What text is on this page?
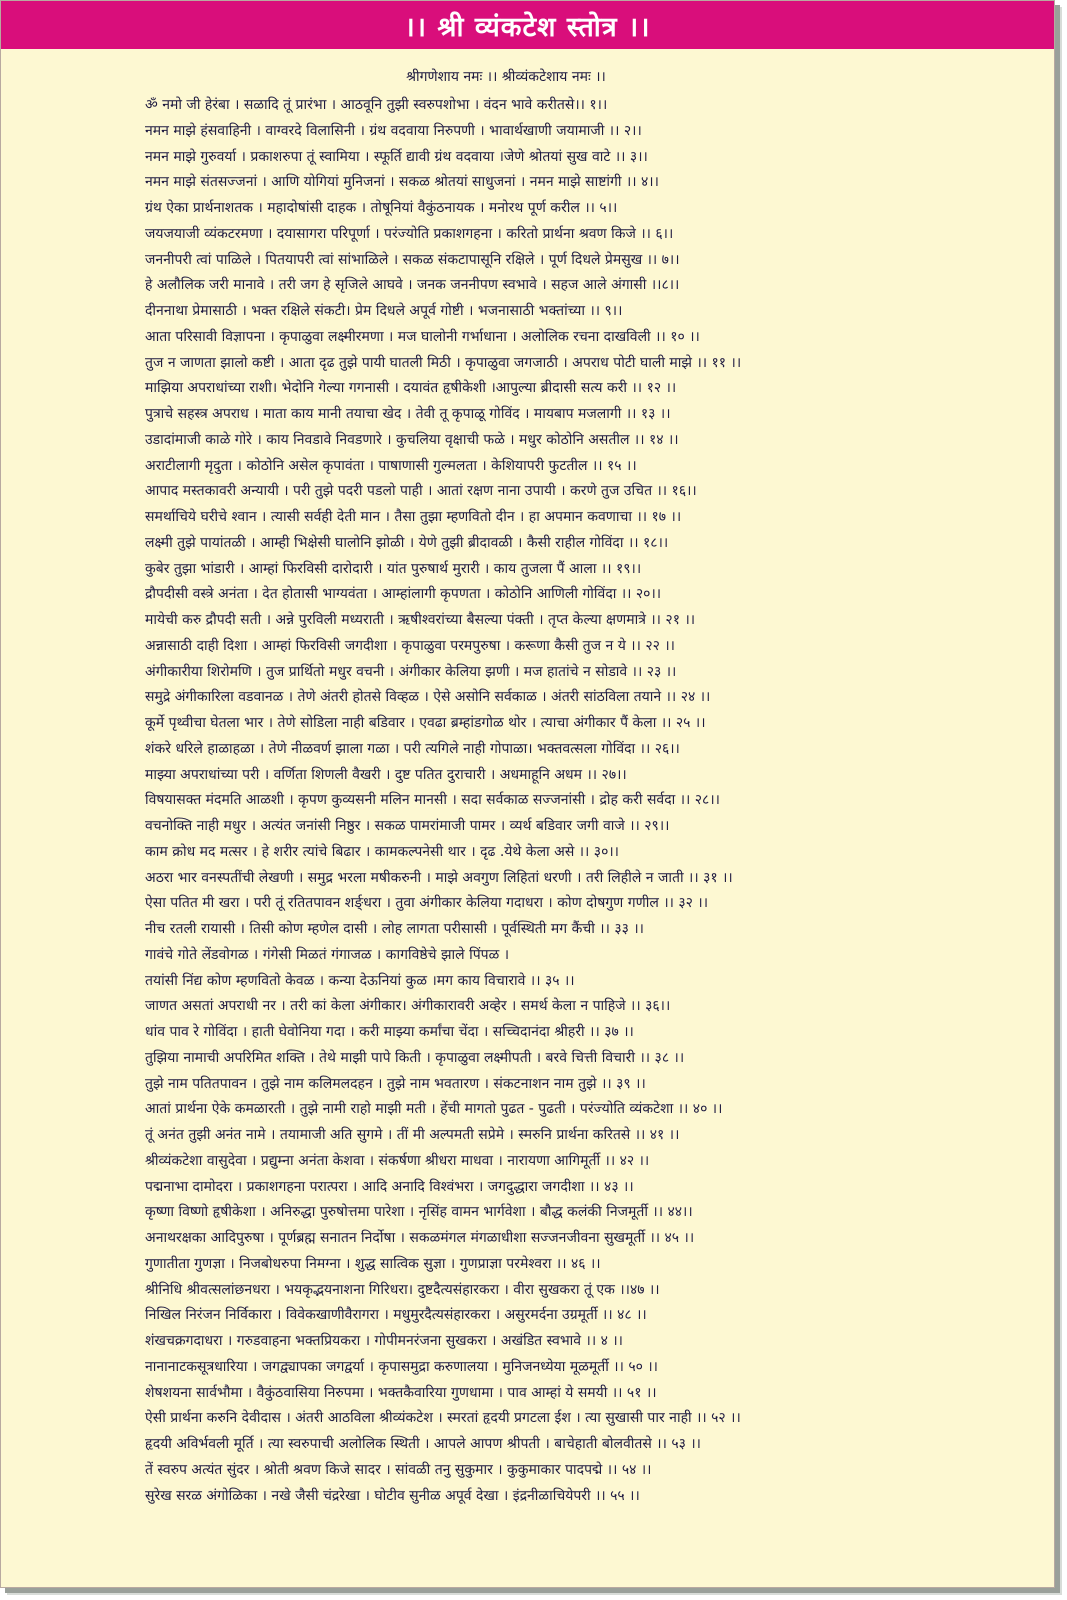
।। श्री व्यंकटेश स्तोत्र ।।
श्रीगणेशाय नमः ।। श्रीव्यंकटेशाय नमः ।।
ॐ नमो जी हेरंबा । सळादि तूं प्रारंभा । आठवूनि तुझी स्वरुपशोभा । वंदन भावे करीतसे।। १।।
नमन माझे हंसवाहिनी । वाग्वरदे विलासिनी । ग्रंथ वदवाया निरुपणी । भावार्थखाणी जयामाजी ।। २।।
नमन माझे गुरुवर्या । प्रकाशरुपा तूं स्वामिया । स्फूर्ति द्यावी ग्रंथ वदवाया ।जेणे श्रोतयां सुख वाटे ।। ३।।
नमन माझे संतसज्जनां । आणि योगियां मुनिजनां । सकळ श्रोतयां साधुजनां । नमन माझे साष्टांगी ।। ४।।
ग्रंथ ऐका प्रार्थनाशतक । महादोषांसी दाहक । तोषूनियां वैकुंठनायक । मनोरथ पूर्ण करील ।। ५।।
जयजयाजी व्यंकटरमणा । दयासागरा परिपूर्णा । परंज्योति प्रकाशगहना । करितो प्रार्थना श्रवण किजे ।। ६।।
जननीपरी त्वां पाळिले । पितयापरी त्वां सांभाळिले । सकळ संकटापासूनि रक्षिले । पूर्ण दिधले प्रेमसुख ।। ७।।
हे अलौलिक जरी मानावे । तरी जग हे सृजिले आघवे । जनक जननीपण स्वभावे । सहज आले अंगासी ।।८।।
दीननाथा प्रेमासाठी । भक्त रक्षिले संकटी। प्रेम दिधले अपूर्व गोष्टी । भजनासाठी भक्तांच्या ।। ९।।
आता परिसावी विज्ञापना । कृपाळुवा लक्ष्मीरमणा । मज घालोनी गर्भाधाना । अलोलिक रचना दाखविली ।। १० ।।
तुज न जाणता झालो कष्टी । आता दृढ तुझे पायी घातली मिठी । कृपाळुवा जगजाठी । अपराध पोटी घाली माझे ।। ११ ।।
माझिया अपराधांच्या राशी। भेदोनि गेल्या गगनासी । दयावंत हृषीकेशी ।आपुल्या ब्रीदासी सत्य करी ।। १२ ।।
पुत्राचे सहस्त्र अपराध । माता काय मानी तयाचा खेद । तेवी तू कृपाळू गोविंद । मायबाप मजलागी ।। १३ ।।
उडादांमाजी काळे गोरे । काय निवडावे निवडणारे । कुचलिया वृक्षाची फळे । मधुर कोठोनि असतील ।। १४ ।।
अराटीलागी मृदुता । कोठोनि असेल कृपावंता । पाषाणासी गुल्मलता । केशियापरी फुटतील ।। १५ ।।
आपाद मस्तकावरी अन्यायी । परी तुझे पदरी पडलो पाही । आतां रक्षण नाना उपायी । करणे तुज उचित ।। १६।।
समर्थाचिये घरीचे श्वान । त्यासी सर्वही देती मान । तैसा तुझा म्हणवितो दीन । हा अपमान कवणाचा ।। १७ ।।
लक्ष्मी तुझे पायांतळी । आम्ही भिक्षेसी घालोनि झोळी । येणे तुझी ब्रीदावळी । कैसी राहील गोविंदा ।। १८।।
कुबेर तुझा भांडारी । आम्हां फिरविसी दारोदारी । यांत पुरुषार्थ मुरारी । काय तुजला पैं आला ।। १९।।
द्रौपदीसी वस्त्रे अनंता । देत होतासी भाग्यवंता । आम्हांलागी कृपणता । कोठोनि आणिली गोविंदा ।। २०।।
मायेची करु द्रौपदी सती । अन्ने पुरविली मध्यराती । ऋषीश्वरांच्या बैसल्या पंक्ती । तृप्त केल्या क्षणमात्रे ।। २१ ।।
अन्नासाठी दाही दिशा । आम्हां फिरविसी जगदीशा । कृपाळुवा परमपुरुषा । करूणा कैसी तुज न ये ।। २२ ।।
अंगीकारीया शिरोमणि । तुज प्रार्थितो मधुर वचनी । अंगीकार केलिया झणी । मज हातांचे न सोडावे ।। २३ ।।
समुद्रे अंगीकारिला वडवानळ । तेणे अंतरी होतसे विव्हळ । ऐसे असोनि सर्वकाळ । अंतरी सांठविला तयाने ।। २४ ।।
कूर्मे पृथ्वीचा घेतला भार । तेणे सोडिला नाही बडिवार । एवढा ब्रम्हांडगोळ थोर । त्याचा अंगीकार पैं केला ।। २५ ।।
शंकरे धरिले हाळाहळा । तेणे नीळवर्ण झाला गळा । परी त्यगिले नाही गोपाळा। भक्तवत्सला गोविंदा ।। २६।।
माझ्या अपराधांच्या परी । वर्णिता शिणली वैखरी । दुष्ट पतित दुराचारी । अधमाहूनि अधम ।। २७।।
विषयासक्त मंदमति आळशी । कृपण कुव्यसनी मलिन मानसी । सदा सर्वकाळ सज्जनांसी । द्रोह करी सर्वदा ।। २८।।
वचनोक्ति नाही मधुर । अत्यंत जनांसी निष्ठुर । सकळ पामरांमाजी पामर । व्यर्थ बडिवार जगी वाजे ।। २९।।
काम क्रोध मद मत्सर । हे शरीर त्यांचे बिढार । कामकल्पनेसी थार । दृढ .येथे केला असे ।। ३०।।
अठरा भार वनस्पतींची लेखणी । समुद्र भरला मषीकरुनी । माझे अवगुण लिहितां धरणी । तरी लिहीले न जाती ।। ३१ ।।
ऐसा पतित मी खरा । परी तूं रतितपावन शर्ङ्धरा । तुवा अंगीकार केलिया गदाधरा । कोण दोषगुण गणील ।। ३२ ।।
नीच रतली रायासी । तिसी कोण म्हणेल दासी । लोह लागता परीसासी । पूर्वस्थिती मग कैंची ।। ३३ ।।
गावंचे गोते लेंडवोगळ । गंगेसी मिळतं गंगाजळ । कागविष्ठेचे झाले पिंपळ ।
तयांसी निंद्य कोण म्हणवितो केवळ । कन्या देऊनियां कुळ ।मग काय विचारावे ।। ३५ ।।
जाणत असतां अपराधी नर । तरी कां केला अंगीकार। अंगीकारावरी अव्हेर । समर्थ केला न पाहिजे ।। ३६।।
धांव पाव रे गोविंदा । हाती घेवोनिया गदा । करी माझ्या कर्मांचा चेंदा । सच्चिदानंदा श्रीहरी ।। ३७ ।।
तुझिया नामाची अपरिमित शक्ति । तेथे माझी पापे किती । कृपाळुवा लक्ष्मीपती । बरवे चित्ती विचारी ।। ३८ ।।
तुझे नाम पतितपावन । तुझे नाम कलिमलदहन । तुझे नाम भवतारण । संकटनाशन नाम तुझे ।। ३९ ।।
आतां प्रार्थना ऐके कमळारती । तुझे नामी राहो माझी मती । हेंची मागतो पुढत - पुढती । परंज्योति व्यंकटेशा ।। ४० ।।
तूं अनंत तुझी अनंत नामे । तयामाजी अति सुगमे । तीं मी अल्पमती सप्रेमे । स्मरुनि प्रार्थना करितसे ।। ४१ ।।
श्रीव्यंकटेशा वासुदेवा । प्रद्युम्ना अनंता केशवा । संकर्षणा श्रीधरा माधवा । नारायणा आगिमूर्ती ।। ४२ ।।
पद्मनाभा दामोदरा । प्रकाशगहना परात्परा । आदि अनादि विश्वंभरा । जगदुद्धारा जगदीशा ।। ४३ ।।
कृष्णा विष्णो हृषीकेशा । अनिरुद्धा पुरुषोत्तमा पारेशा । नृसिंह वामन भार्गवेशा । बौद्ध कलंकी निजमूर्ती ।। ४४।।
अनाथरक्षका आदिपुरुषा । पूर्णब्रह्म सनातन निर्दोषा । सकळमंगल मंगळाधीशा सज्जनजीवना सुखमूर्ती ।। ४५ ।।
गुणातीता गुणज्ञा । निजबोधरुपा निमग्ना । शुद्ध सात्विक सुज्ञा । गुणप्राज्ञा परमेश्वरा ।। ४६ ।।
श्रीनिधि श्रीवत्सलांछनधरा । भयकृद्भयनाशना गिरिधरा। दुष्टदैत्यसंहारकरा । वीरा सुखकरा तूं एक ।।४७ ।।
निखिल निरंजन निर्विकारा । विवेकखाणीवैरागरा । मधुमुरदैत्यसंहारकरा । असुरमर्दना उग्रमूर्ती ।। ४८ ।।
शंखचक्रगदाधरा । गरुडवाहना भक्तप्रियकरा । गोपीमनरंजना सुखकरा । अखंडित स्वभावे ।। ४ ।।
नानानाटकसूत्रधारिया । जगद्व्यापका जगद्वर्या । कृपासमुद्रा करुणालया । मुनिजनध्येया मूळमूर्ती ।। ५० ।।
शेषशयना सार्वभौमा । वैकुंठवासिया निरुपमा । भक्तकैवारिया गुणधामा । पाव आम्हां ये समयी ।। ५१ ।।
ऐसी प्रार्थना करुनि देवीदास । अंतरी आठविला श्रीव्यंकटेश । स्मरतां हृदयी प्रगटला ईश । त्या सुखासी पार नाही ।। ५२ ।।
हृदयी अविर्भवली मूर्ति । त्या स्वरुपाची अलोलिक स्थिती । आपले आपण श्रीपती । बाचेहाती बोलवीतसे ।। ५३ ।।
तें स्वरुप अत्यंत सुंदर । श्रोती श्रवण किजे सादर । सांवळी तनु सुकुमार । कुकुमाकार पादपद्मे ।। ५४ ।।
सुरेख सरळ अंगोळिका । नखे जैसी चंद्ररेखा । घोटीव सुनीळ अपूर्व देखा । इंद्रनीळाचियेपरी ।। ५५ ।।
